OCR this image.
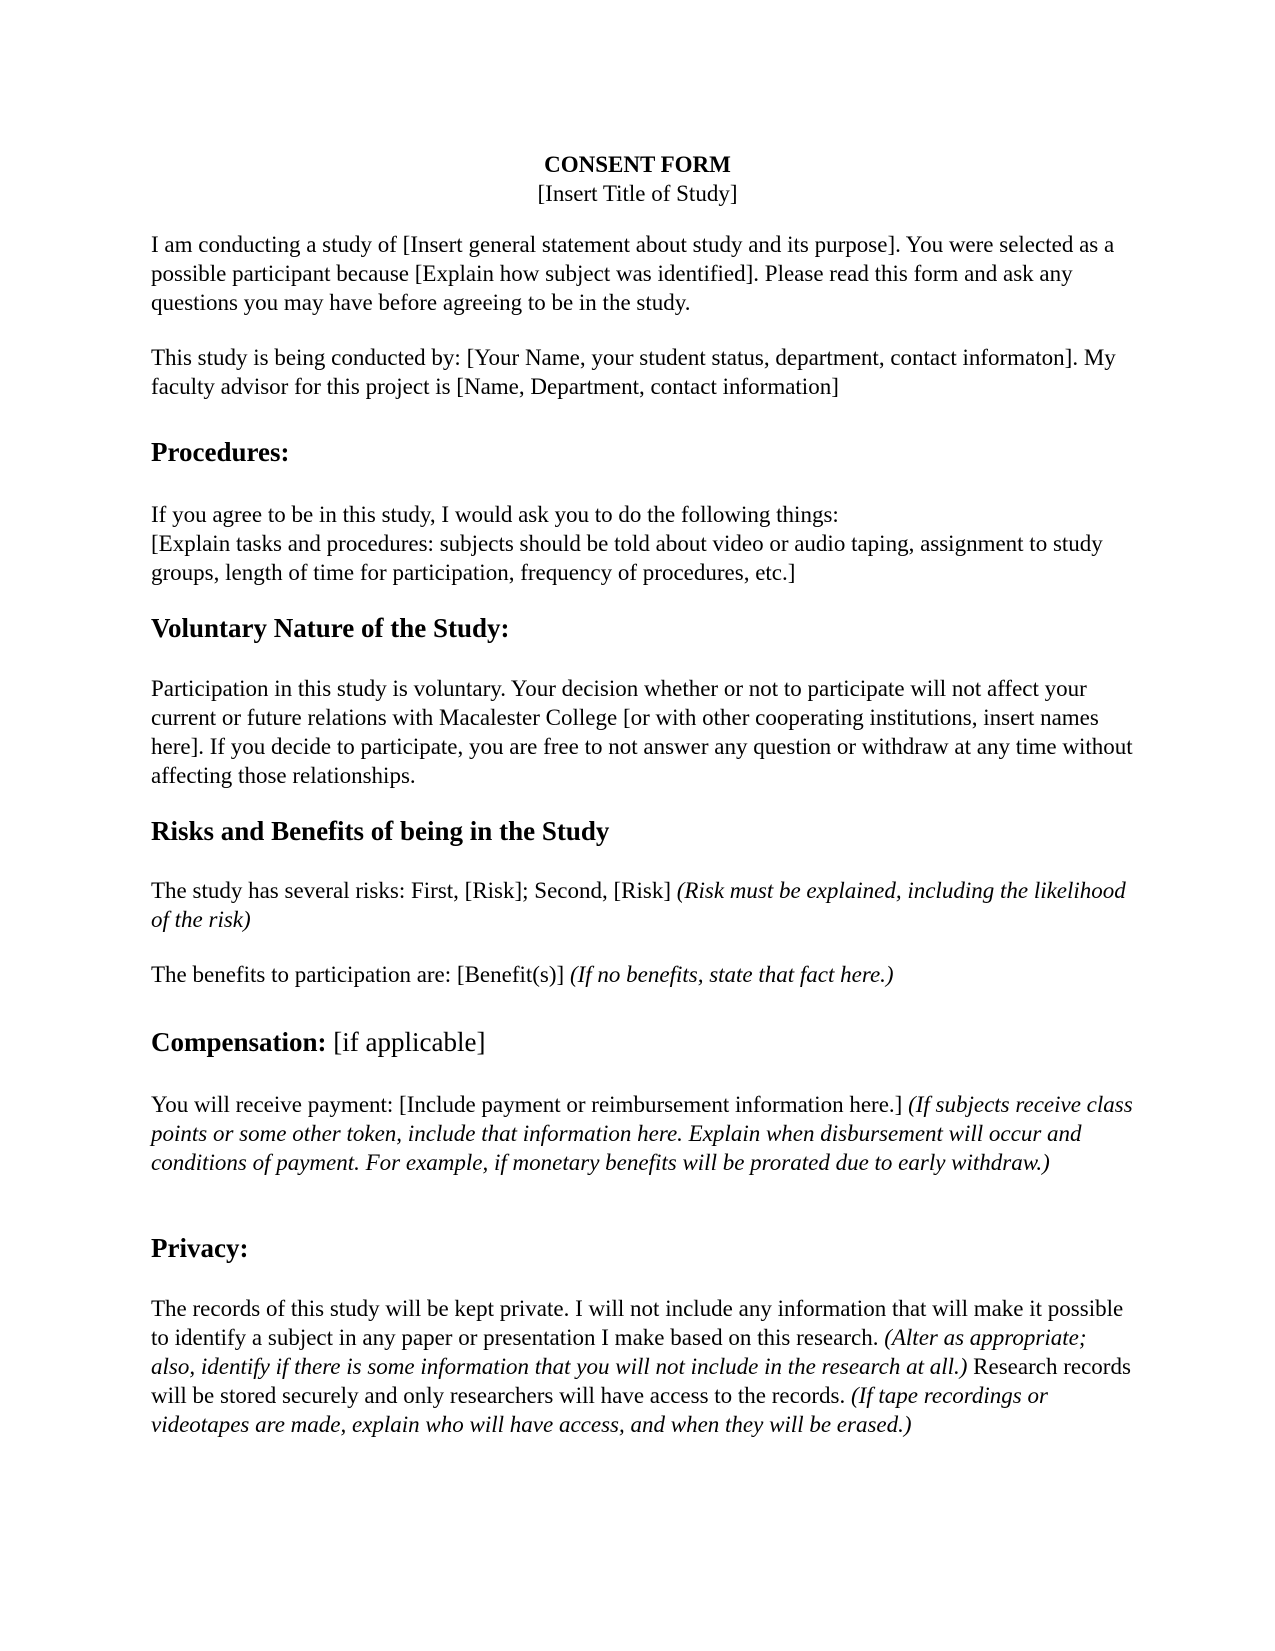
CONSENT FORM
[Insert Title of Study]

I am conducting a study of [Insert general statement about study and its purpose]. You were selected as a possible participant because [Explain how subject was identified]. Please read this form and ask any questions you may have before agreeing to be in the study.

This study is being conducted by: [Your Name, your student status, department, contact informaton]. My faculty advisor for this project is [Name, Department, contact information]

Procedures:

If you agree to be in this study, I would ask you to do the following things:
[Explain tasks and procedures: subjects should be told about video or audio taping, assignment to study groups, length of time for participation, frequency of procedures, etc.]

Voluntary Nature of the Study:

Participation in this study is voluntary. Your decision whether or not to participate will not affect your current or future relations with Macalester College [or with other cooperating institutions, insert names here]. If you decide to participate, you are free to not answer any question or withdraw at any time without affecting those relationships.

Risks and Benefits of being in the Study

The study has several risks: First, [Risk]; Second, [Risk] (Risk must be explained, including the likelihood of the risk)

The benefits to participation are: [Benefit(s)] (If no benefits, state that fact here.)

Compensation: [if applicable]

You will receive payment: [Include payment or reimbursement information here.] (If subjects receive class points or some other token, include that information here. Explain when disbursement will occur and conditions of payment. For example, if monetary benefits will be prorated due to early withdraw.)

Privacy:

The records of this study will be kept private. I will not include any information that will make it possible to identify a subject in any paper or presentation I make based on this research. (Alter as appropriate; also, identify if there is some information that you will not include in the research at all.) Research records will be stored securely and only researchers will have access to the records. (If tape recordings or videotapes are made, explain who will have access, and when they will be erased.)
